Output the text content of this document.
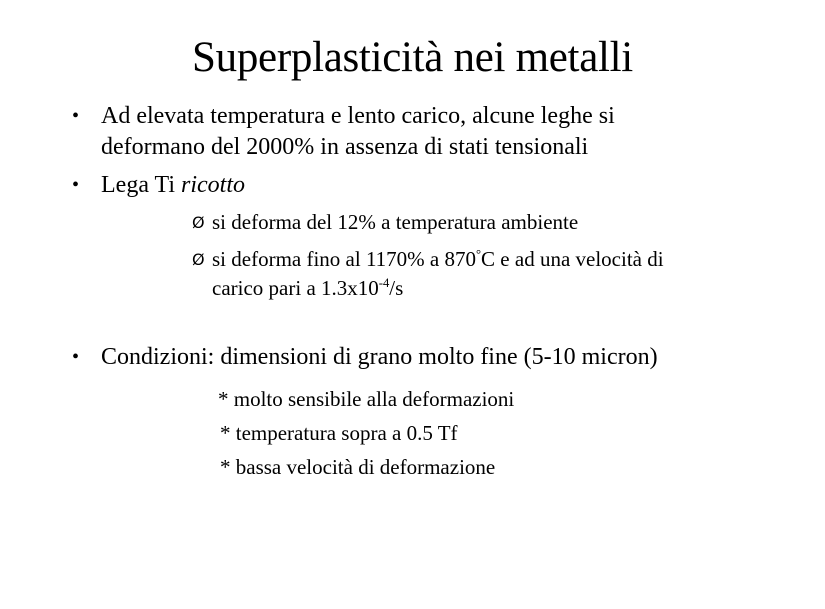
Superplasticità nei metalli
• Ad elevata temperatura e lento carico, alcune leghe si
deformano del 2000% in assenza di stati tensionali
• Lega Ti ricotto
Ø si deforma del 12% a temperatura ambiente
Ø si deforma fino al 1170% a 870°C e ad una velocità di
carico pari a $1.3x10^{-4}/s$
• Condizioni: dimensioni di grano molto fine (5-10 micron)
* molto sensibile alla deformazioni
* temperatura sopra a 0.5 Tf
* bassa velocità di deformazione
